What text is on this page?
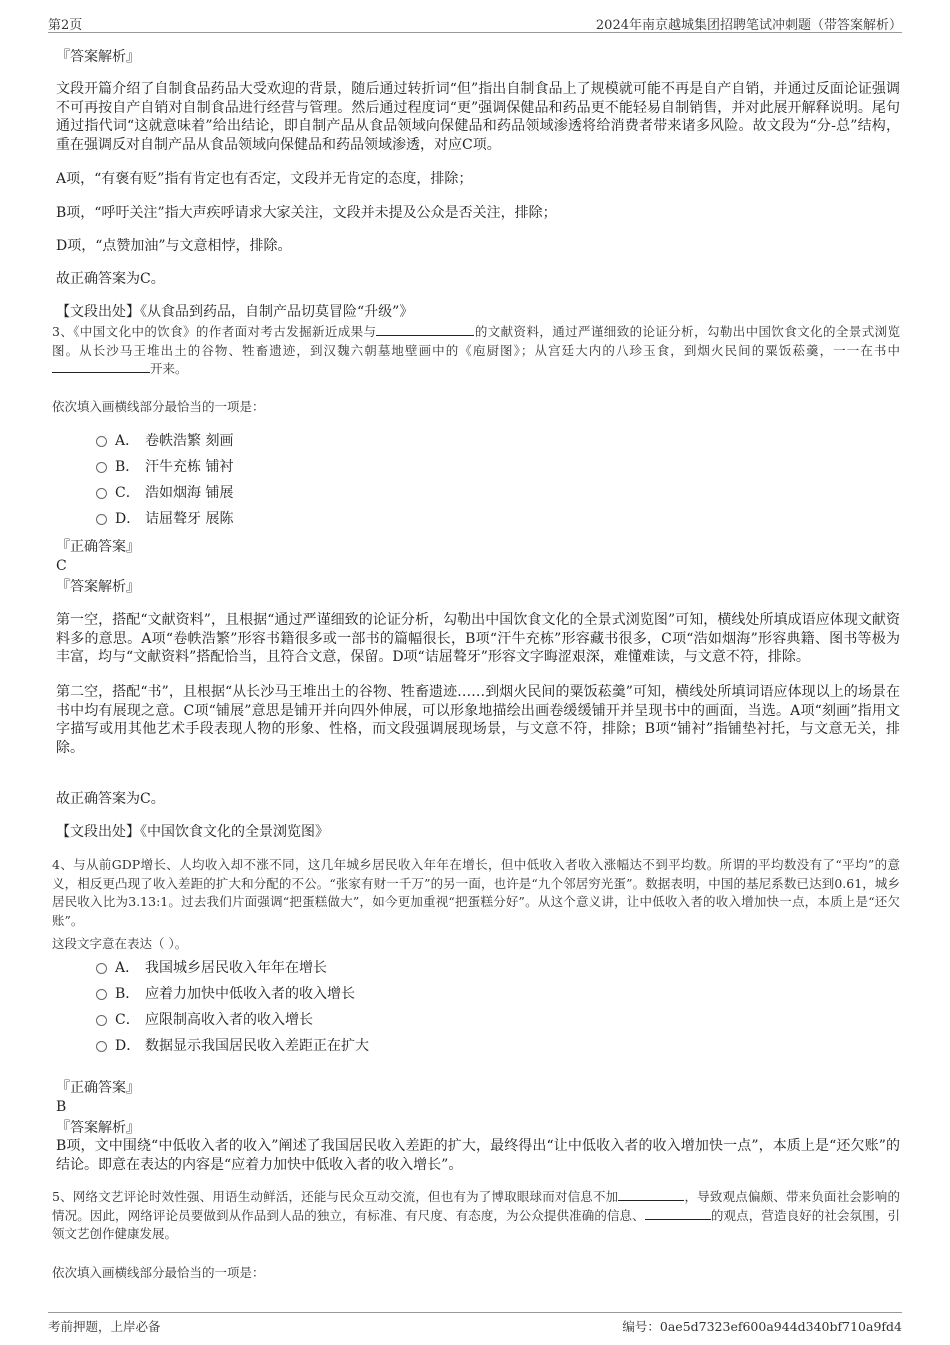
第2页	2024年南京越城集团招聘笔试冲刺题（带答案解析）
『答案解析』
文段开篇介绍了自制食品药品大受欢迎的背景，随后通过转折词“但”指出自制食品上了规模就可能不再是自产自销，并通过反面论证强调不可再按自产自销对自制食品进行经营与管理。然后通过程度词“更”强调保健品和药品更不能轻易自制销售，并对此展开解释说明。尾句通过指代词“这就意味着”给出结论，即自制产品从食品领域向保健品和药品领域渗透将给消费者带来诸多风险。故文段为“分-总”结构，重在强调反对自制产品从食品领域向保健品和药品领域渗透，对应C项。
A项，“有褒有贬”指有肯定也有否定，文段并无肯定的态度，排除；
B项，“呼吁关注”指大声疾呼请求大家关注，文段并未提及公众是否关注，排除；
D项，“点赞加油”与文意相悖，排除。
故正确答案为C。
【文段出处】《从食品到药品，自制产品切莫冒险“升级”》
3、《中国文化中的饮食》的作者面对考古发掘新近成果与	的文献资料，通过严谨细致的论证分析，勾勒出中国饮食文化的全景式浏览图。从长沙马王堆出土的谷物、牲畜遗迹，到汉魏六朝墓地壁画中的《庖厨图》；从宫廷大内的八珍玉食，到烟火民间的粟饭菘羹，一一在书中开来。
依次填入画横线部分最恰当的一项是：
A． 卷帙浩繁 刻画
B． 汗牛充栋 铺衬
C． 浩如烟海 铺展
D． 诘屈聱牙 展陈
『正确答案』
C
『答案解析』
第一空，搭配“文献资料”，且根据“通过严谨细致的论证分析，勾勒出中国饮食文化的全景式浏览图”可知，横线处所填成语应体现文献资料多的意思。A项“卷帙浩繁”形容书籍很多或一部书的篇幅很长，B项“汗牛充栋”形容藏书很多，C项“浩如烟海”形容典籍、图书等极为丰富，均与“文献资料”搭配恰当，且符合文意，保留。D项“诘屈聱牙”形容文字晦涩艰深，难懂难读，与文意不符，排除。
第二空，搭配“书”，且根据“从长沙马王堆出土的谷物、牲畜遗迹……到烟火民间的粟饭菘羹”可知，横线处所填词语应体现以上的场景在书中均有展现之意。C项“铺展”意思是铺开并向四外伸展，可以形象地描绘出画卷缓缓铺开并呈现书中的画面，当选。A项“刻画”指用文字描写或用其他艺术手段表现人物的形象、性格，而文段强调展现场景，与文意不符，排除；B项“铺衬”指铺垫衬托，与文意无关，排除。
故正确答案为C。
【文段出处】《中国饮食文化的全景浏览图》
4、与从前GDP增长、人均收入却不涨不同，这几年城乡居民收入年年在增长，但中低收入者收入涨幅达不到平均数。所谓的平均数没有了“平均”的意义，相反更凸现了收入差距的扩大和分配的不公。“张家有财一千万”的另一面，也许是“九个邻居穷光蛋”。数据表明，中国的基尼系数已达到0.61，城乡居民收入比为3.13:1。过去我们片面强调“把蛋糕做大”，如今更加重视“把蛋糕分好”。从这个意义讲，让中低收入者的收入增加快一点，本质上是“还欠账”。
这段文字意在表达（ ）。
A． 我国城乡居民收入年年在增长
B． 应着力加快中低收入者的收入增长
C． 应限制高收入者的收入增长
D． 数据显示我国居民收入差距正在扩大
『正确答案』
B
『答案解析』
B项，文中围绕“中低收入者的收入”阐述了我国居民收入差距的扩大，最终得出“让中低收入者的收入增加快一点”，本质上是“还欠账”的结论。即意在表达的内容是“应着力加快中低收入者的收入增长”。
5、网络文艺评论时效性强、用语生动鲜活，还能与民众互动交流，但也有为了博取眼球而对信息不加	，导致观点偏颇、带来负面社会影响的情况。因此，网络评论员要做到从作品到人品的独立，有标准、有尺度、有态度，为公众提供准确的信息、	的观点，营造良好的社会氛围，引领文艺创作健康发展。
依次填入画横线部分最恰当的一项是：
考前押题，上岸必备	编号：0ae5d7323ef600a944d340bf710a9fd4
